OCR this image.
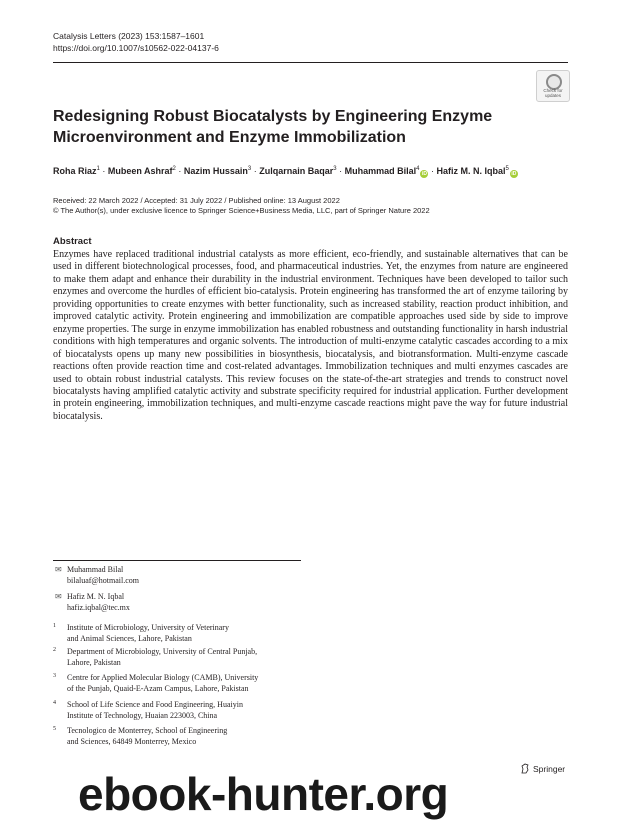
Catalysis Letters (2023) 153:1587–1601
https://doi.org/10.1007/s10562-022-04137-6
Check for
updates
Redesigning Robust Biocatalysts by Engineering Enzyme
Microenvironment and Enzyme Immobilization
Roha Riaz$^1$ · Mubeen Ashraf$^2$ · Nazim Hussain$^3$ · Zulqarnain Baqar$^3$ · Muhammad Bilal$^4$iD · Hafiz M. N. Iqbal$^5$iD
Received: 22 March 2022 / Accepted: 31 July 2022 / Published online: 13 August 2022
© The Author(s), under exclusive licence to Springer Science+Business Media, LLC, part of Springer Nature 2022
Abstract
Enzymes have replaced traditional industrial catalysts as more efficient, eco-friendly, and sustainable alternatives that can be used in different biotechnological processes, food, and pharmaceutical industries. Yet, the enzymes from nature are engineered to make them adapt and enhance their durability in the industrial environment. Techniques have been developed to tailor such enzymes and overcome the hurdles of efficient bio-catalysis. Protein engineering has transformed the art of enzyme tailoring by providing opportunities to create enzymes with better functionality, such as increased stability, reaction product inhibition, and improved catalytic activity. Protein engineering and immobilization are compatible approaches used side by side to improve enzyme properties. The surge in enzyme immobilization has enabled robustness and outstanding functionality in harsh industrial conditions with high temperatures and organic solvents. The introduction of multi-enzyme catalytic cascades according to a mix of biocatalysts opens up many new possibilities in biosynthesis, biocatalysis, and biotransformation. Multi-enzyme cascade reactions often provide reaction time and cost-related advantages. Immobilization techniques and multi enzymes cascades are used to obtain robust industrial catalysts. This review focuses on the state-of-the-art strategies and trends to construct novel biocatalysts having amplified catalytic activity and substrate specificity required for industrial application. Further development in protein engineering, immobilization techniques, and multi-enzyme cascade reactions might pave the way for future industrial biocatalysis.
✉ Muhammad Bilal
bilaluaf@hotmail.com
✉ Hafiz M. N. Iqbal
hafiz.iqbal@tec.mx
1 Institute of Microbiology, University of Veterinary
and Animal Sciences, Lahore, Pakistan
2 Department of Microbiology, University of Central Punjab,
Lahore, Pakistan
3 Centre for Applied Molecular Biology (CAMB), University
of the Punjab, Quaid-E-Azam Campus, Lahore, Pakistan
4 School of Life Science and Food Engineering, Huaiyin
Institute of Technology, Huaian 223003, China
5 Tecnologico de Monterrey, School of Engineering
and Sciences, 64849 Monterrey, Mexico
Springer
ebook-hunter.org
